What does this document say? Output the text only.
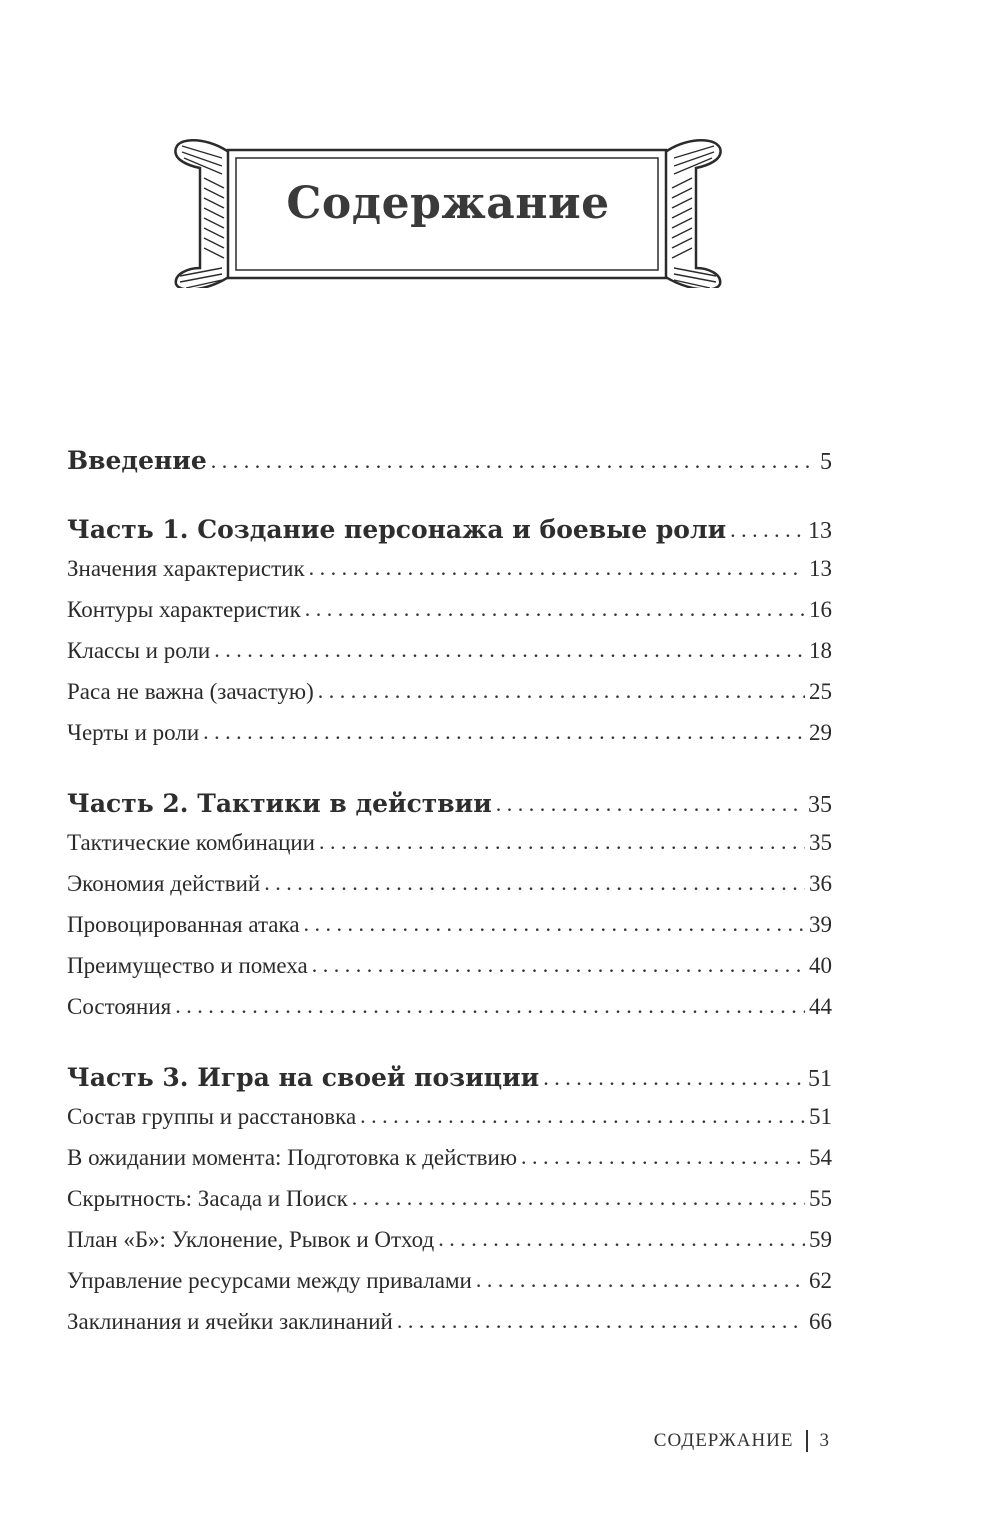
Содержание
Введение . . .	5
Часть 1. Создание персонажа и боевые роли . . .	13
Значения характеристик . . .	13
Контуры характеристик . . .	16
Классы и роли . . .	18
Раса не важна (зачастую) . . .	25
Черты и роли . . .	29
Часть 2. Тактики в действии . . .	35
Тактические комбинации . . .	35
Экономия действий . . .	36
Провоцированная атака . . .	39
Преимущество и помеха . . .	40
Состояния . . .	44
Часть 3. Игра на своей позиции . . .	51
Состав группы и расстановка . . .	51
В ожидании момента: Подготовка к действию . . .	54
Скрытность: Засада и Поиск . . .	55
План «Б»: Уклонение, Рывок и Отход . . .	59
Управление ресурсами между привалами . . .	62
Заклинания и ячейки заклинаний . . .	66
СОДЕРЖАНИЕ 3
